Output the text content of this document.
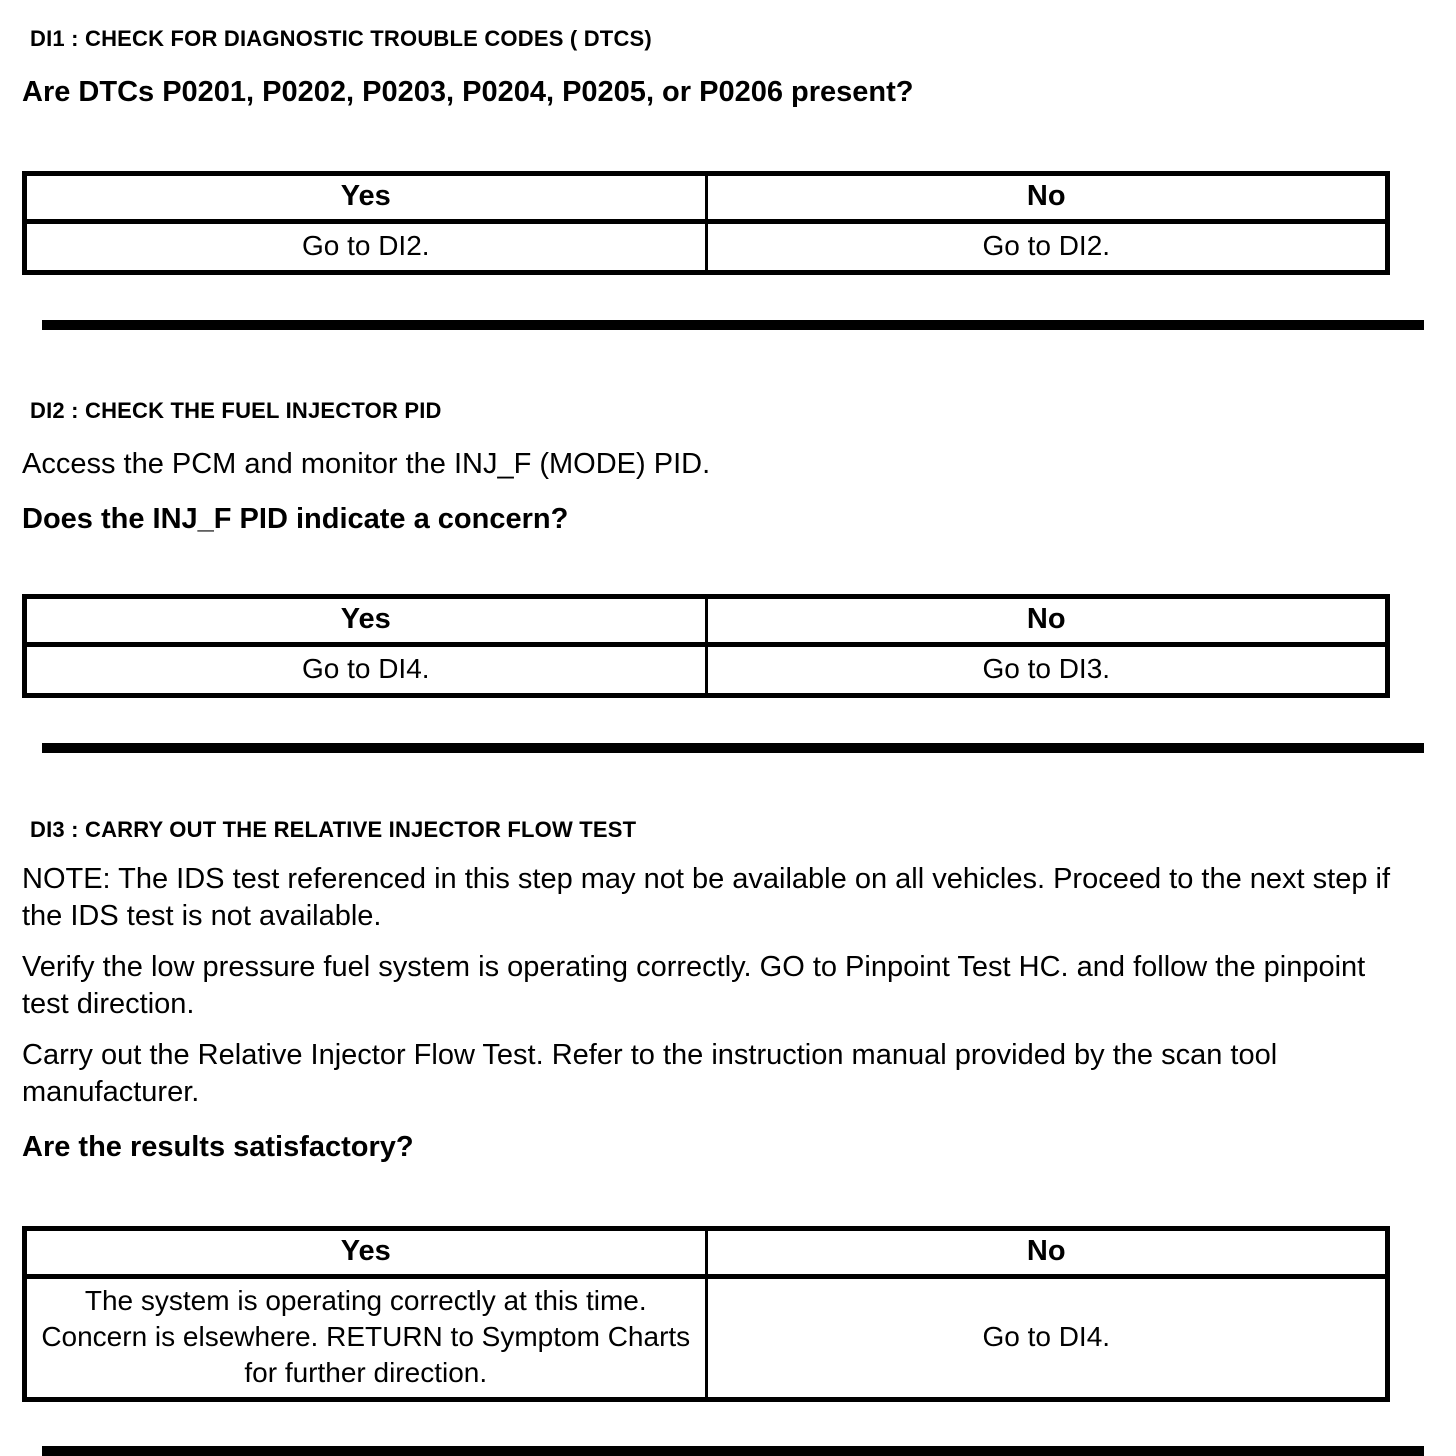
DI1 : CHECK FOR DIAGNOSTIC TROUBLE CODES ( DTCS)

Are DTCs P0201, P0202, P0203, P0204, P0205, or P0206 present?

Yes	No
Go to DI2.	Go to DI2.
DI2 : CHECK THE FUEL INJECTOR PID

Access the PCM and monitor the INJ_F (MODE) PID.

Does the INJ_F PID indicate a concern?

Yes	No
Go to DI4.	Go to DI3.
DI3 : CARRY OUT THE RELATIVE INJECTOR FLOW TEST

NOTE: The IDS test referenced in this step may not be available on all vehicles. Proceed to the next step if the IDS test is not available.

Verify the low pressure fuel system is operating correctly. GO to Pinpoint Test HC. and follow the pinpoint test direction.

Carry out the Relative Injector Flow Test. Refer to the instruction manual provided by the scan tool manufacturer.

Are the results satisfactory?

Yes	No
The system is operating correctly at this time. Concern is elsewhere. RETURN to Symptom Charts for further direction.	Go to DI4.
